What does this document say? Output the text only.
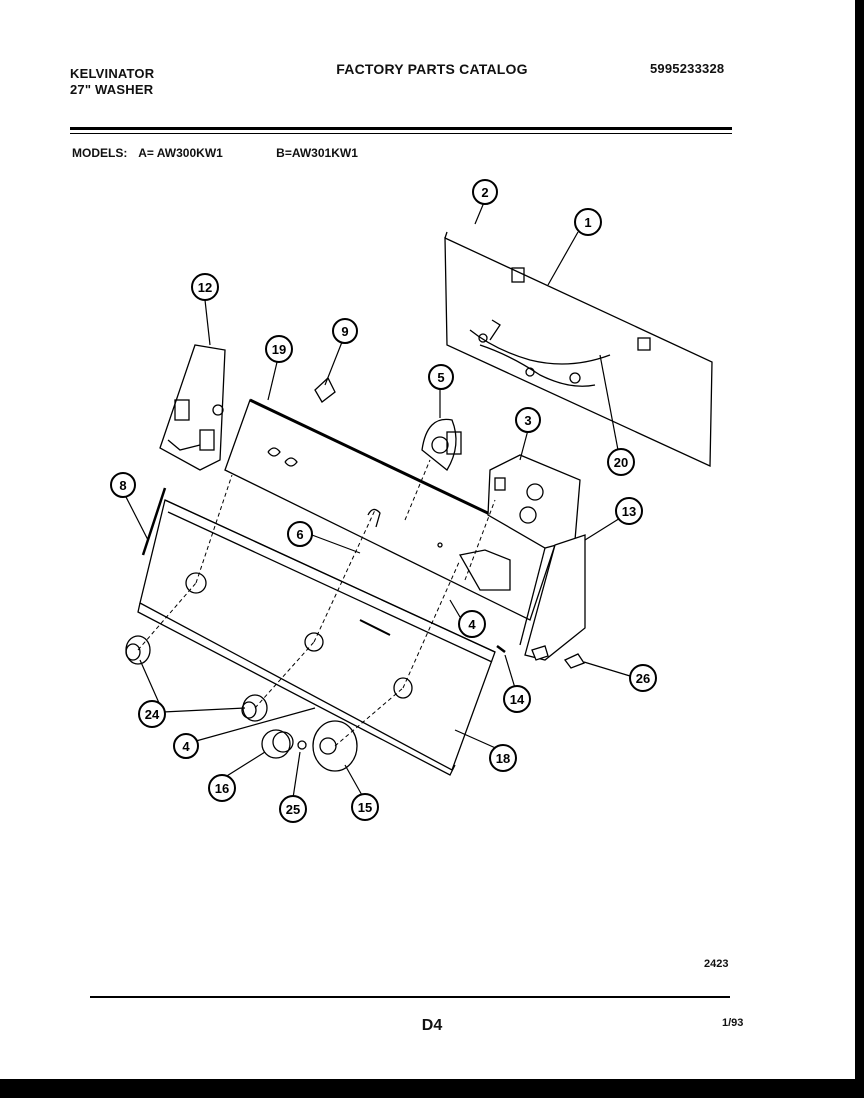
KELVINATOR
27" WASHER
FACTORY PARTS CATALOG	5995233328
MODELS: A= AW300KW1	B=AW301KW1
1
2
3
4
5
6
8
9
12
13
14
15
16
18
19
20
24
25
26
4
2423
D4	1/93
